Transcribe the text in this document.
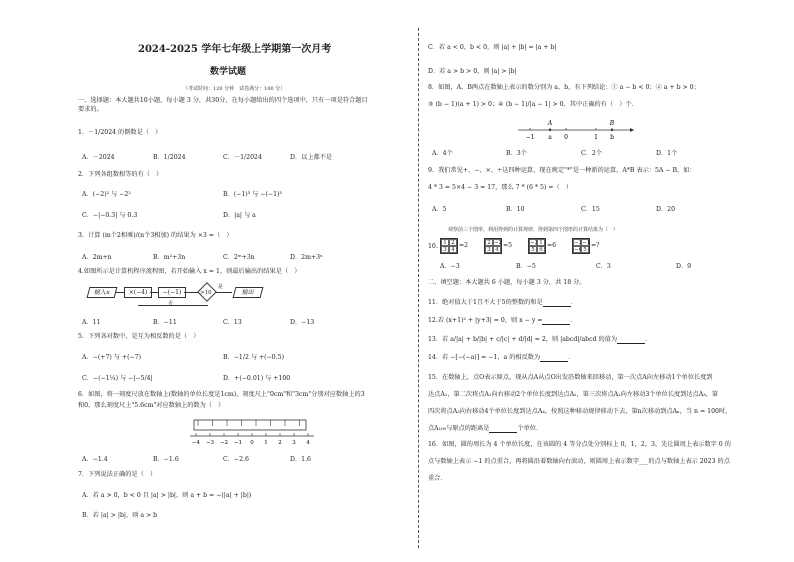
2024-2025 学年七年级上学期第一次月考
数学试题
（考试时间：120 分钟　试卷满分：100 分）
一、选择题：本大题共10小题，每小题 3 分，共30分，在每小题给出的四个选项中，只有一项是符合题目
要求的。
1．－1/2024 的倒数是（　）
A．－2024	B．1/2024	C．－1/2024	D．以上都不是
2．下列各组数相等的有（　）
A．(−2)² 与 −2²	B．(−1)³ 与 −(−1)³
C．−|−0.3| 与 0.3	D．|a| 与 a
3．计算 (m个2相乘)/(n个3相加) 的结果为 ×3 =（　）
A．2m+n	B．m²+3n	C．2ᵐ+3n	D．2m+3ⁿ
4.如图所示是计算机程序流程图，若开始输入 x = 1，则最后输出的结果是（　）
输入x	×(−4)	−(−1)	>10
是
输出
否
A．11	B．−11	C．13	D．−13
5．下列各对数中，是互为相反数的是（　）
A．−(+7) 与 +(−7)	B．−1/2 与 +(−0.5)
C．−(−1¼) 与 −|−5/4|	D．+(−0.01) 与 +100
6．如图，将一刻度尺放在数轴上(数轴的单位长度是1cm)，刻度尺上"0cm"和"3cm"分别对应数轴上的3
和0，那么刻度尺上"5.6cm"对应数轴上的数为（　）
−4 −3 −2 −1 0 1 2 3 4
A．−1.4	B．−1.6	C．−2.6	D．1.6
7．下列说法正确的是（　）
A．若 a > 0，b < 0 且 |a| > |b|，则 a + b = −(|a| + |b|)
B．若 |a| > |b|，则 a > b
C．若 a < 0，b < 0，则 |a| + |b| = |a + b|
D．若 a > b > 0，则 |a| > |b|
8．如图，A、B两点在数轴上表示的数分别为 a、b，有下列结论：① a − b < 0；② a + b > 0；
③ (b − 1)(a + 1) > 0；④ (b − 1)/|a − 1| > 0，其中正确的有（　）个．
−1 a 0	1 b
A	B
A．4个	B．3个	C．2个	D．1个
9．我们常见+、−、×、÷这四种运算，现在规定"*"是一种新的运算，A*B 表示：5A − B，如：
4 * 3 = 5×4 − 3 = 17，那么 7 * (6 * 5) =（　）
A．5	B．10	C．15	D．20
观察前三个图形，利用得到的计算规律，得到第四个图形的计算结果为（　）
10. 1 2
3 4
=2	2 −2
3 4
=5	−3 1
5 6
=6	−3 −1
−6 5
=?
A．−3	B．−5	C．3	D．9
二、填空题：本大题共 6 小题，每小题 3 分，共 18 分。
11．绝对值大于1且不大于5的整数的和是	．
12.若 (x+1)² + |y+3| = 0，则 x − y =	．
13．若 a/|a| + b/|b| + c/|c| + d/|d| = 2，则 |abcd|/abcd 的值为	．
14．若 −[−(−a)] = −1，a 的相反数为	．
15．在数轴上，点O表示原点，现从点A从点O出发沿数轴来回移动，第一次点A向左移动1个单位长度到
达点A₁，第二次将点A₁向右移动2个单位长度到达点A₂，第三次将点A₂向左移动3个单位长度到达点A₃，第
四次将点A₃向右移动4个单位长度到达点A₄，按照这种移动规律移动下去，第n次移动到点Aₙ，当 n = 100时，
点A₁₀₀与原点的距离是	个单位．
16．如图，圆的周长为 4 个单位长度，在该圆的 4 等分点处分别标上 0，1，2，3，先让圆周上表示数字 0 的
点与数轴上表示 −1 的点重合，再将圆沿着数轴向右滚动，则圆周上表示数字___的点与数轴上表示 2023 的点
重合．
